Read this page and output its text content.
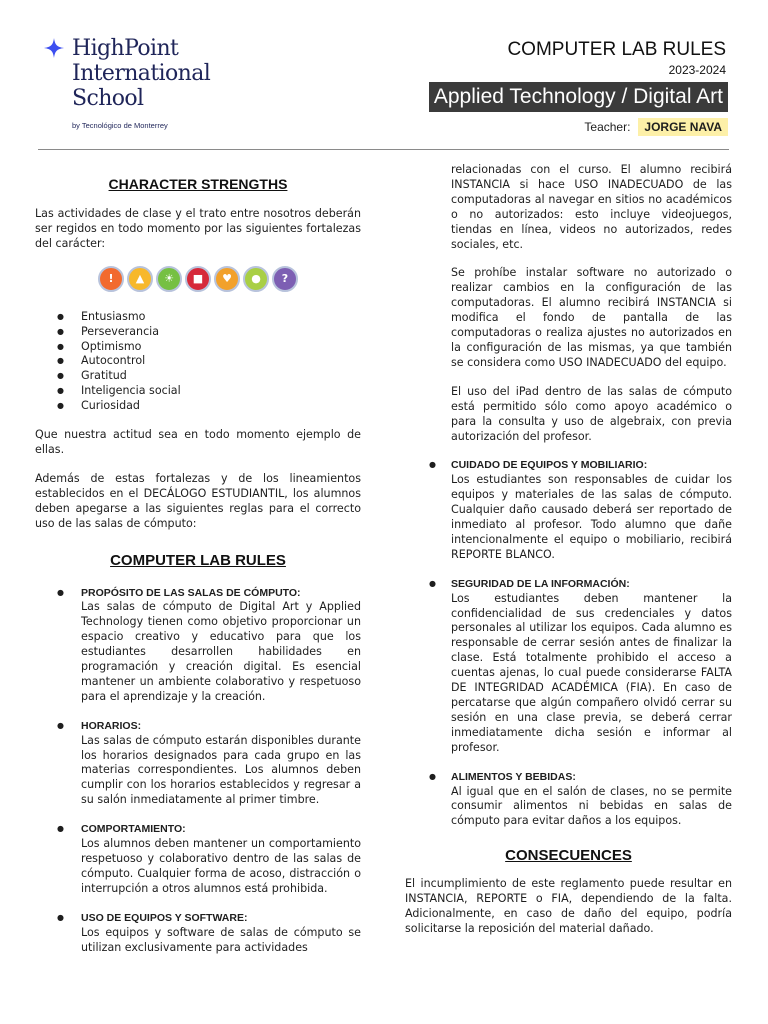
HighPoint
International
School
by Tecnológico de Monterrey
COMPUTER LAB RULES
2023-2024
Applied Technology / Digital Art
Teacher:	JORGE NAVA
CHARACTER STRENGTHS

Las actividades de clase y el trato entre nosotros deberán ser regidos en todo momento por las siguientes fortalezas del carácter:

!	▲	☀	■	♥	●	?
● Entusiasmo
● Perseverancia
● Optimismo
● Autocontrol
● Gratitud
● Inteligencia social
● Curiosidad

Que nuestra actitud sea en todo momento ejemplo de ellas.

Además de estas fortalezas y de los lineamientos establecidos en el DECÁLOGO ESTUDIANTIL, los alumnos deben apegarse a las siguientes reglas para el correcto uso de las salas de cómputo:

COMPUTER LAB RULES
● PROPÓSITO DE LAS SALAS DE CÓMPUTO:
Las salas de cómputo de Digital Art y Applied Technology tienen como objetivo proporcionar un espacio creativo y educativo para que los estudiantes desarrollen habilidades en programación y creación digital. Es esencial mantener un ambiente colaborativo y respetuoso para el aprendizaje y la creación.
● HORARIOS:
Las salas de cómputo estarán disponibles durante los horarios designados para cada grupo en las materias correspondientes. Los alumnos deben cumplir con los horarios establecidos y regresar a su salón inmediatamente al primer timbre.
● COMPORTAMIENTO:
Los alumnos deben mantener un comportamiento respetuoso y colaborativo dentro de las salas de cómputo. Cualquier forma de acoso, distracción o interrupción a otros alumnos está prohibida.
● USO DE EQUIPOS Y SOFTWARE:
Los equipos y software de salas de cómputo se utilizan exclusivamente para actividades

relacionadas con el curso. El alumno recibirá INSTANCIA si hace USO INADECUADO de las computadoras al navegar en sitios no académicos o no autorizados: esto incluye videojuegos, tiendas en línea, videos no autorizados, redes sociales, etc.

Se prohíbe instalar software no autorizado o realizar cambios en la configuración de las computadoras. El alumno recibirá INSTANCIA si modifica el fondo de pantalla de las computadoras o realiza ajustes no autorizados en la configuración de las mismas, ya que también se considera como USO INADECUADO del equipo.

El uso del iPad dentro de las salas de cómputo está permitido sólo como apoyo académico o para la consulta y uso de algebraix, con previa autorización del profesor.

● CUIDADO DE EQUIPOS Y MOBILIARIO:
Los estudiantes son responsables de cuidar los equipos y materiales de las salas de cómputo. Cualquier daño causado deberá ser reportado de inmediato al profesor. Todo alumno que dañe intencionalmente el equipo o mobiliario, recibirá REPORTE BLANCO.
● SEGURIDAD DE LA INFORMACIÓN:
Los estudiantes deben mantener la confidencialidad de sus credenciales y datos personales al utilizar los equipos. Cada alumno es responsable de cerrar sesión antes de finalizar la clase. Está totalmente prohibido el acceso a cuentas ajenas, lo cual puede considerarse FALTA DE INTEGRIDAD ACADÉMICA (FIA). En caso de percatarse que algún compañero olvidó cerrar su sesión en una clase previa, se deberá cerrar inmediatamente dicha sesión e informar al profesor.
● ALIMENTOS Y BEBIDAS:
Al igual que en el salón de clases, no se permite consumir alimentos ni bebidas en salas de cómputo para evitar daños a los equipos.
CONSECUENCES

El incumplimiento de este reglamento puede resultar en INSTANCIA, REPORTE o FIA, dependiendo de la falta. Adicionalmente, en caso de daño del equipo, podría solicitarse la reposición del material dañado.
